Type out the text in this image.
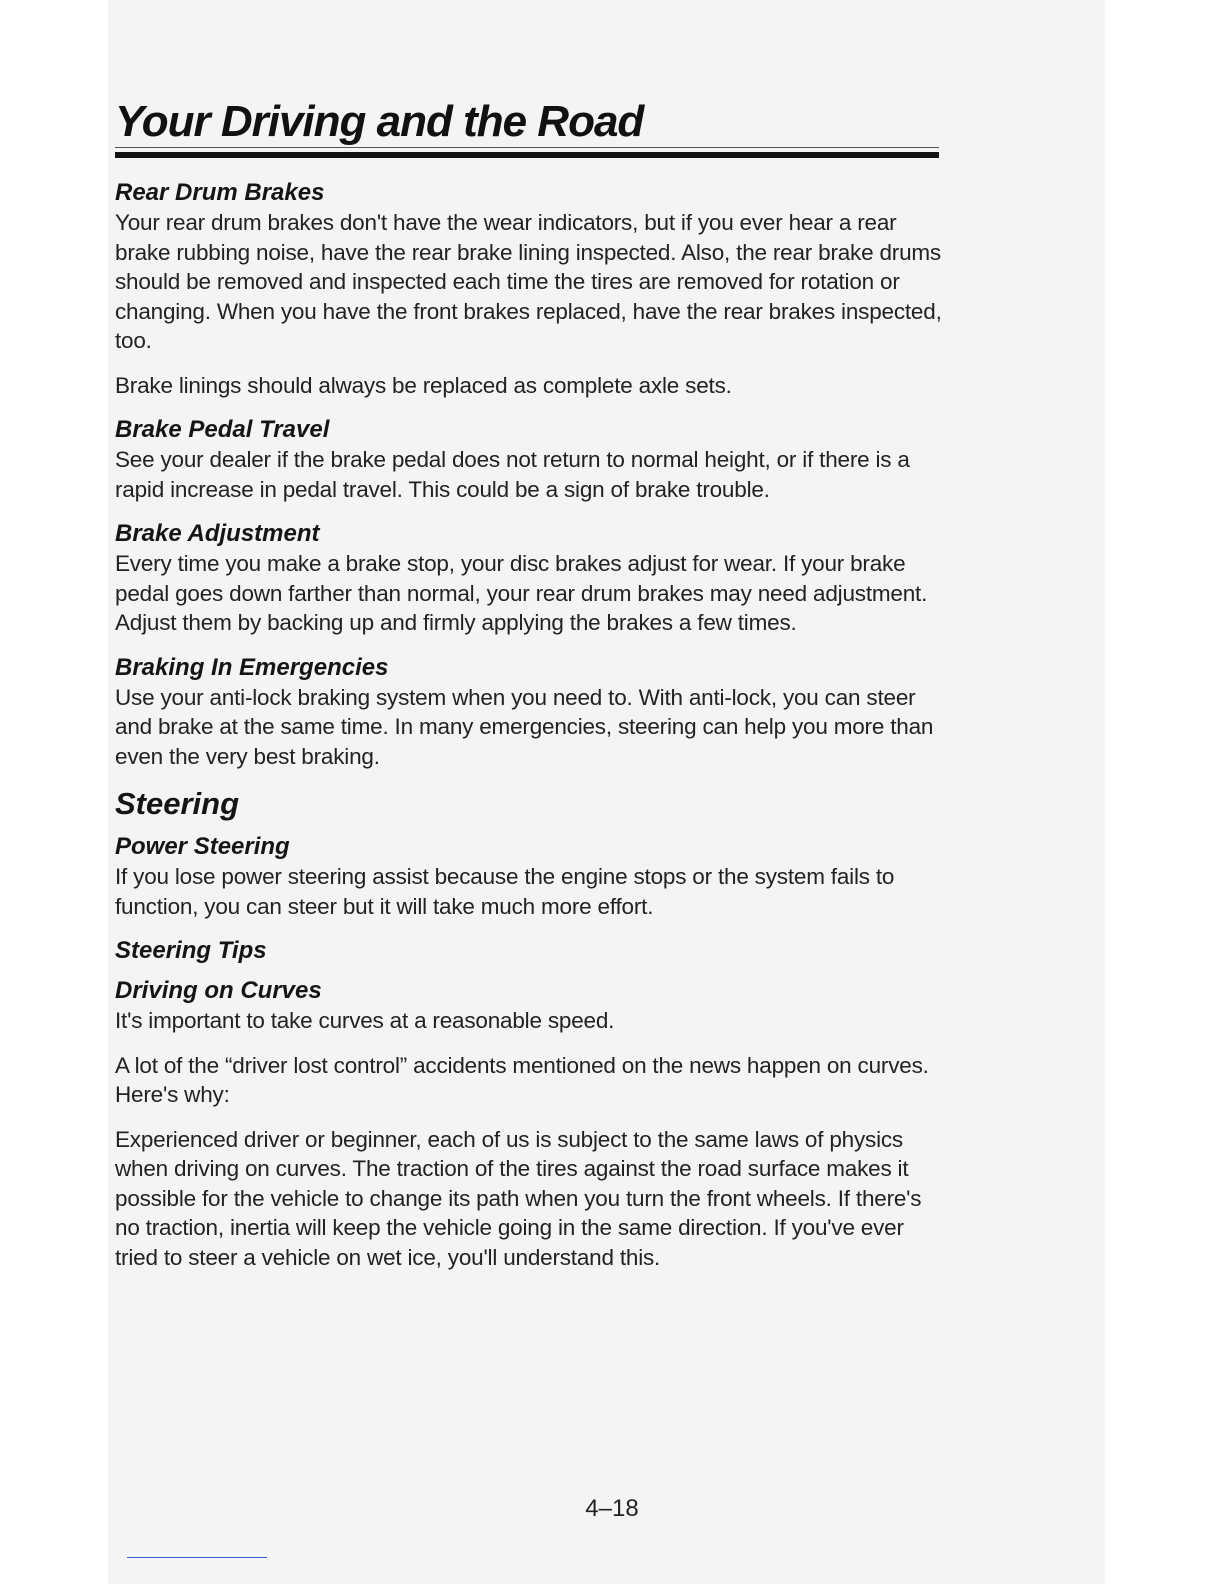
Your Driving and the Road
Rear Drum Brakes

Your rear drum brakes don't have the wear indicators, but if you ever hear a rear brake rubbing noise, have the rear brake lining inspected. Also, the rear brake drums should be removed and inspected each time the tires are removed for rotation or changing. When you have the front brakes replaced, have the rear brakes inspected, too.

Brake linings should always be replaced as complete axle sets.

Brake Pedal Travel

See your dealer if the brake pedal does not return to normal height, or if there is a rapid increase in pedal travel. This could be a sign of brake trouble.

Brake Adjustment

Every time you make a brake stop, your disc brakes adjust for wear. If your brake pedal goes down farther than normal, your rear drum brakes may need adjustment. Adjust them by backing up and firmly applying the brakes a few times.

Braking In Emergencies

Use your anti-lock braking system when you need to. With anti-lock, you can steer and brake at the same time. In many emergencies, steering can help you more than even the very best braking.

Steering
Power Steering

If you lose power steering assist because the engine stops or the system fails to function, you can steer but it will take much more effort.

Steering Tips
Driving on Curves

It's important to take curves at a reasonable speed.

A lot of the “driver lost control” accidents mentioned on the news happen on curves. Here's why:

Experienced driver or beginner, each of us is subject to the same laws of physics when driving on curves. The traction of the tires against the road surface makes it possible for the vehicle to change its path when you turn the front wheels. If there's no traction, inertia will keep the vehicle going in the same direction. If you've ever tried to steer a vehicle on wet ice, you'll understand this.

4–18
